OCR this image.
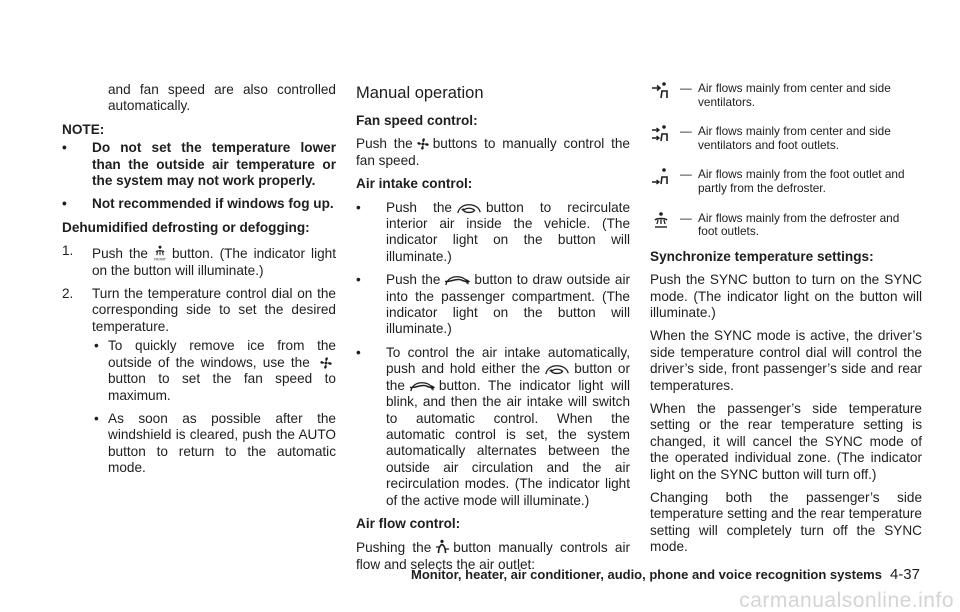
and fan speed are also controlled automatically.

NOTE:

• Do not set the temperature lower than the outside air temperature or the system may not work properly.
• Not recommended if windows fog up.

Dehumidified defrosting or defogging:

1. Push the FRONT button. (The indicator light on the button will illuminate.)
2. Turn the temperature control dial on the corresponding side to set the desired temperature.
• To quickly remove ice from the outside of the windows, use the
button to set the fan speed to maximum.
• As soon as possible after the windshield is cleared, push the AUTO button to return to the automatic mode.

Manual operation

Fan speed control:

Push the buttons to manually control the fan speed.

Air intake control:

• Push the	button to recirculate interior air inside the vehicle. (The indicator light on the button will illuminate.)
• Push the	button to draw outside air into the passenger compartment. (The indicator light on the button will illuminate.)
• To control the air intake automatically, push and hold either the	button or the	button. The indicator light will blink, and then the air intake will switch to automatic control. When the automatic control is set, the system automatically alternates between the outside air circulation and the air recirculation modes. (The indicator light of the active mode will illuminate.)

Air flow control:

Pushing the button manually controls air flow and selects the air outlet:

— Air flows mainly from center and side ventilators.
— Air flows mainly from center and side ventilators and foot outlets.
— Air flows mainly from the foot outlet and partly from the defroster.
— Air flows mainly from the defroster and foot outlets.

Synchronize temperature settings:

Push the SYNC button to turn on the SYNC mode. (The indicator light on the button will illuminate.)

When the SYNC mode is active, the driver’s side temperature control dial will control the driver’s side, front passenger’s side and rear temperatures.

When the passenger’s side temperature setting or the rear temperature setting is changed, it will cancel the SYNC mode of the operated individual zone. (The indicator light on the SYNC button will turn off.)

Changing both the passenger’s side temperature setting and the rear temperature setting will completely turn off the SYNC mode.

Monitor, heater, air conditioner, audio, phone and voice recognition systems 4-37
carmanualsonline.info
